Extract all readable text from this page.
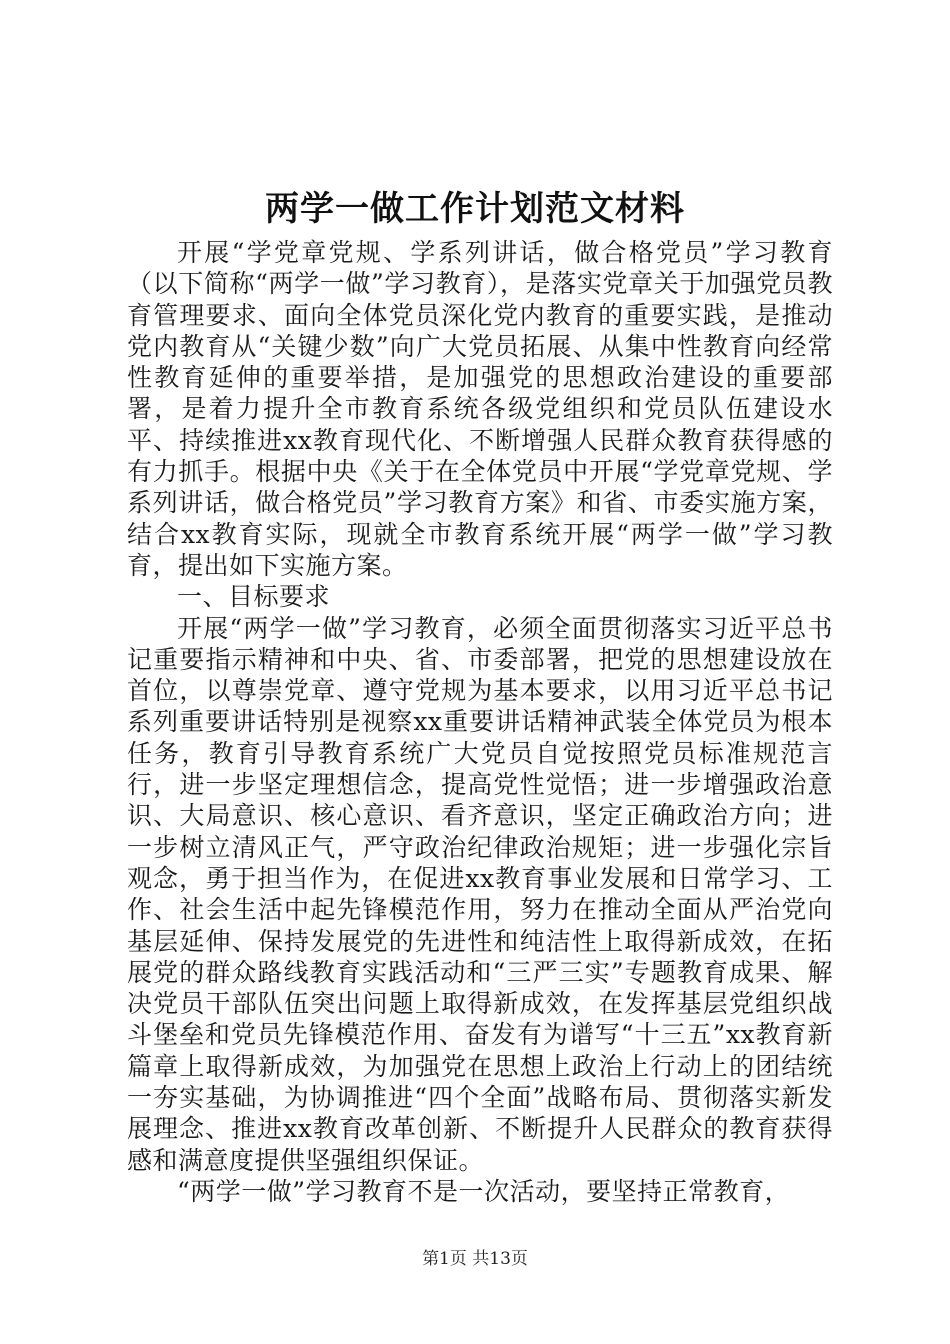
两学一做工作计划范文材料

开展“学党章党规、学系列讲话，做合格党员”学习教育（以下简称“两学一做”学习教育），是落实党章关于加强党员教育管理要求、面向全体党员深化党内教育的重要实践，是推动党内教育从“关键少数”向广大党员拓展、从集中性教育向经常性教育延伸的重要举措，是加强党的思想政治建设的重要部署，是着力提升全市教育系统各级党组织和党员队伍建设水平、持续推进xx教育现代化、不断增强人民群众教育获得感的有力抓手。根据中央《关于在全体党员中开展“学党章党规、学系列讲话，做合格党员”学习教育方案》和省、市委实施方案，结合xx教育实际，现就全市教育系统开展“两学一做”学习教育，提出如下实施方案。

一、目标要求

开展“两学一做”学习教育，必须全面贯彻落实习近平总书记重要指示精神和中央、省、市委部署，把党的思想建设放在首位，以尊崇党章、遵守党规为基本要求，以用习近平总书记系列重要讲话特别是视察xx重要讲话精神武装全体党员为根本任务，教育引导教育系统广大党员自觉按照党员标准规范言行，进一步坚定理想信念，提高党性觉悟；进一步增强政治意识、大局意识、核心意识、看齐意识，坚定正确政治方向；进一步树立清风正气，严守政治纪律政治规矩；进一步强化宗旨观念，勇于担当作为，在促进xx教育事业发展和日常学习、工作、社会生活中起先锋模范作用，努力在推动全面从严治党向基层延伸、保持发展党的先进性和纯洁性上取得新成效，在拓展党的群众路线教育实践活动和“三严三实”专题教育成果、解决党员干部队伍突出问题上取得新成效，在发挥基层党组织战斗堡垒和党员先锋模范作用、奋发有为谱写“十三五”xx教育新篇章上取得新成效，为加强党在思想上政治上行动上的团结统一夯实基础，为协调推进“四个全面”战略布局、贯彻落实新发展理念、推进xx教育改革创新、不断提升人民群众的教育获得感和满意度提供坚强组织保证。

“两学一做”学习教育不是一次活动，要坚持正常教育，

第1页 共13页
